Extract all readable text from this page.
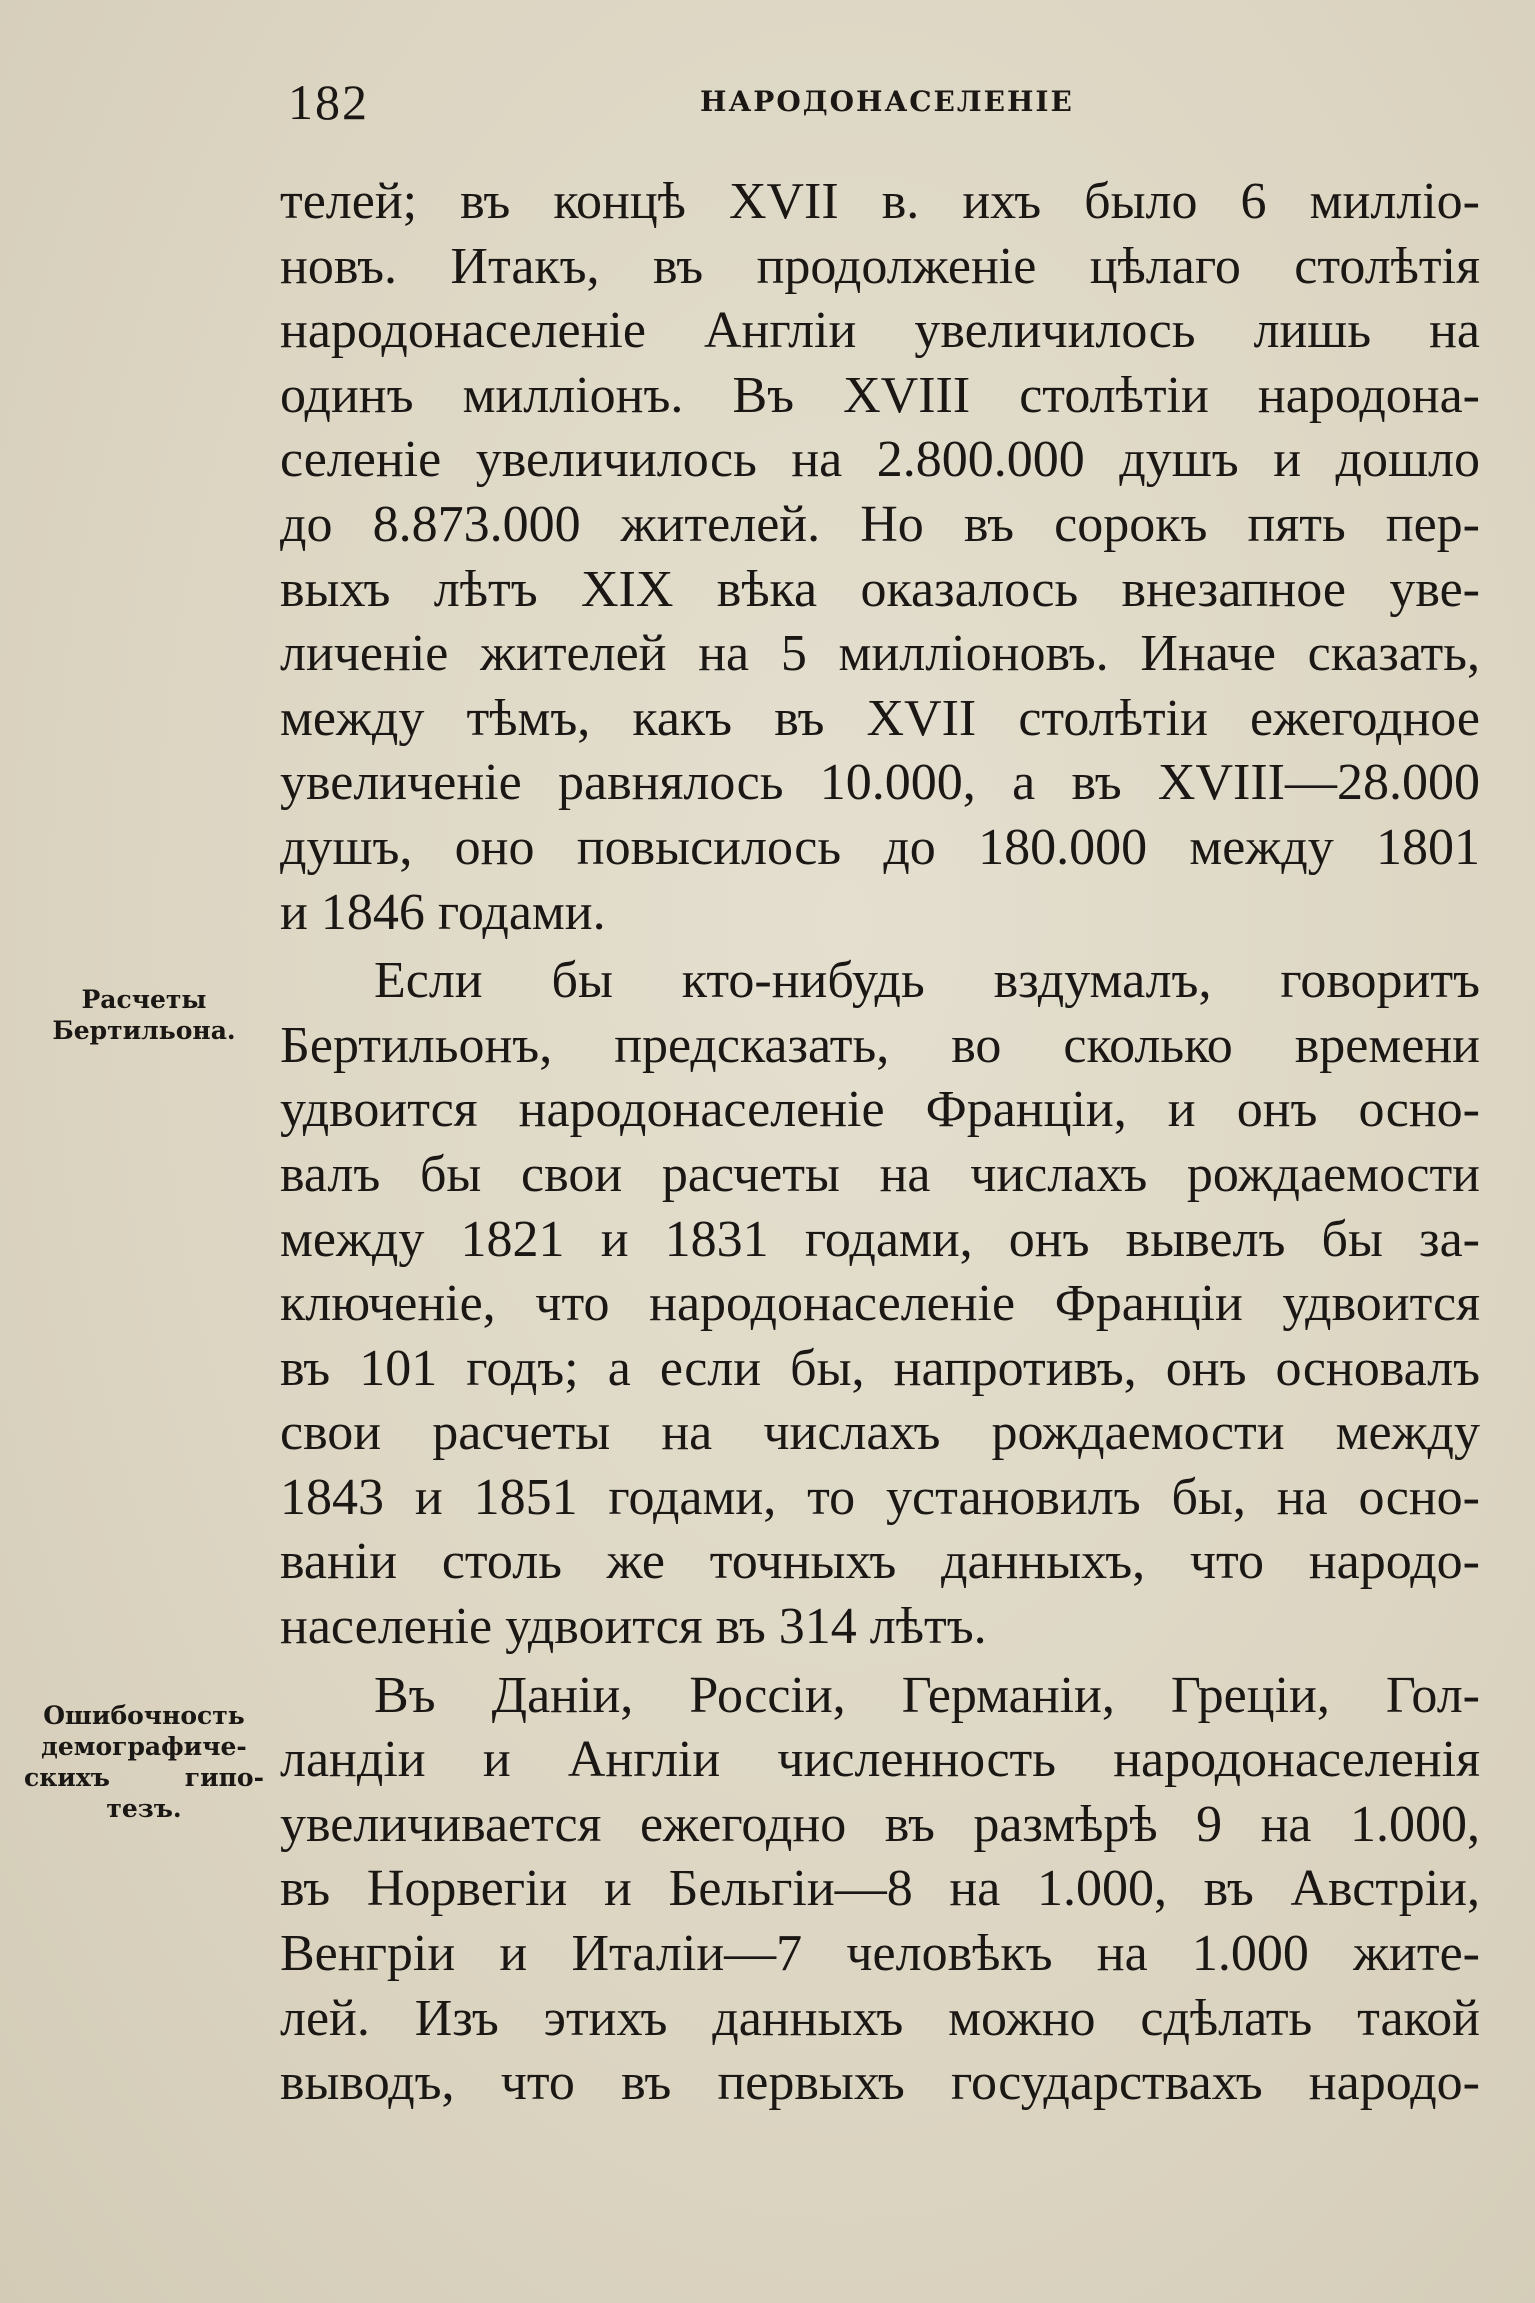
182	НАРОДОНАСЕЛЕНІЕ
Расчеты
Бертильона.
Ошибочность
демографиче-
скихъ гипо-
тезъ.
телей; въ концѣ XVII в. ихъ было 6 милліо-
новъ. Итакъ, въ продолженіе цѣлаго столѣтія
народонаселеніе Англіи увеличилось лишь на
одинъ милліонъ. Въ XVIII столѣтіи народона-
селеніе увеличилось на 2.800.000 душъ и дошло
до 8.873.000 жителей. Но въ сорокъ пять пер-
выхъ лѣтъ XIX вѣка оказалось внезапное уве-
личеніе жителей на 5 милліоновъ. Иначе сказать,
между тѣмъ, какъ въ XVII столѣтіи ежегодное
увеличеніе равнялось 10.000, а въ XVIII—28.000
душъ, оно повысилось до 180.000 между 1801
и 1846 годами.
Если бы кто-нибудь вздумалъ, говоритъ
Бертильонъ, предсказать, во сколько времени
удвоится народонаселеніе Франціи, и онъ осно-
валъ бы свои расчеты на числахъ рождаемости
между 1821 и 1831 годами, онъ вывелъ бы за-
ключеніе, что народонаселеніе Франціи удвоится
въ 101 годъ; а если бы, напротивъ, онъ основалъ
свои расчеты на числахъ рождаемости между
1843 и 1851 годами, то установилъ бы, на осно-
ваніи столь же точныхъ данныхъ, что народо-
населеніе удвоится въ 314 лѣтъ.
Въ Даніи, Россіи, Германіи, Греціи, Гол-
ландіи и Англіи численность народонаселенія
увеличивается ежегодно въ размѣрѣ 9 на 1.000,
въ Норвегіи и Бельгіи—8 на 1.000, въ Австріи,
Венгріи и Италіи—7 человѣкъ на 1.000 жите-
лей. Изъ этихъ данныхъ можно сдѣлать такой
выводъ, что въ первыхъ государствахъ народо-
